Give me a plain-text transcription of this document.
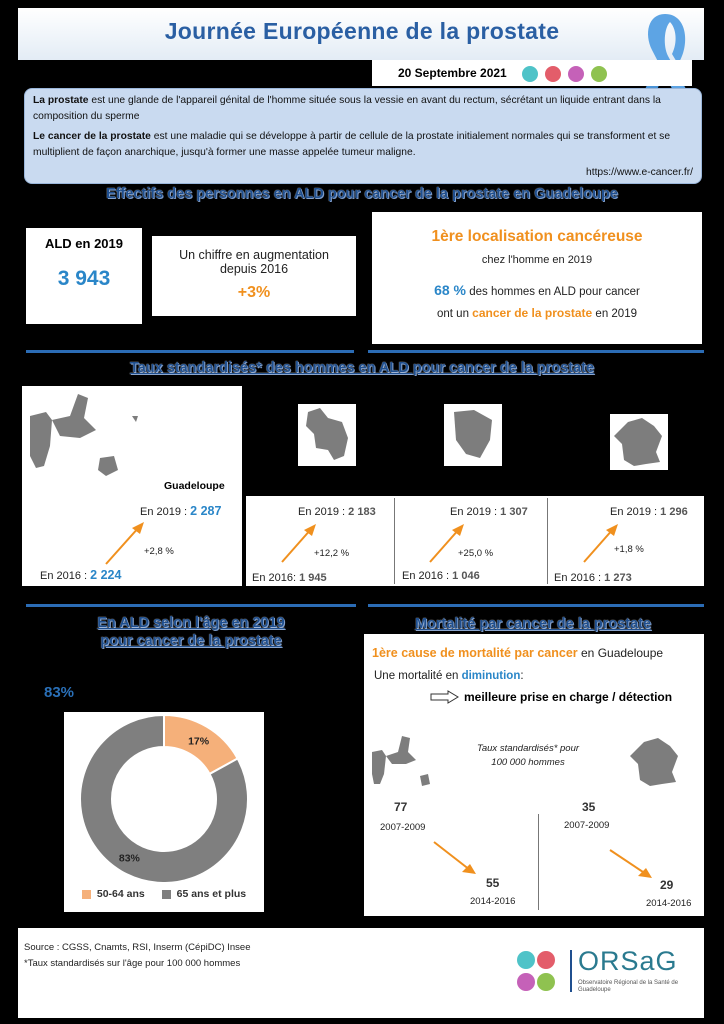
Journée Européenne de la prostate
20 Septembre 2021

La prostate est une glande de l'appareil génital de l'homme située sous la vessie en avant du rectum, sécrétant un liquide entrant dans la composition du sperme

Le cancer de la prostate est une maladie qui se développe à partir de cellule de la prostate initialement normales qui se transforment et se multiplient de façon anarchique, jusqu'à former une masse appelée tumeur maligne.

https://www.e-cancer.fr/
Effectifs des personnes en ALD pour cancer de la prostate en Guadeloupe
ALD en 2019
3 943
Un chiffre en augmentation
depuis 2016
+3%
1ère localisation cancéreuse
chez l'homme en 2019
68 % des hommes en ALD pour cancer
ont un cancer de la prostate en 2019
Taux standardisés* des hommes en ALD pour cancer de la prostate
Guadeloupe
En 2019 : 2 287
+2,8 %
En 2016 : 2 224
En 2019 : 2 183
+12,2 %
En 2016: 1 945
En 2019 : 1 307
+25,0 %
En 2016 : 1 046
En 2019 : 1 296
+1,8 %
En 2016 : 1 273
En ALD selon l'âge en 2019
pour cancer de la prostate
83%
17%
83%
50-64 ans	65 ans et plus
Mortalité par cancer de la prostate
1ère cause de mortalité par cancer en Guadeloupe
Une mortalité en diminution:
meilleure prise en charge / détection
Taux standardisés* pour
100 000 hommes
77
2007-2009
35
2007-2009
55
2014-2016
29
2014-2016
Source : CGSS, Cnamts, RSI, Inserm (CépiDC) Insee
*Taux standardisés sur l'âge pour 100 000 hommes	ORSaG
Observatoire Régional de la Santé de Guadeloupe
